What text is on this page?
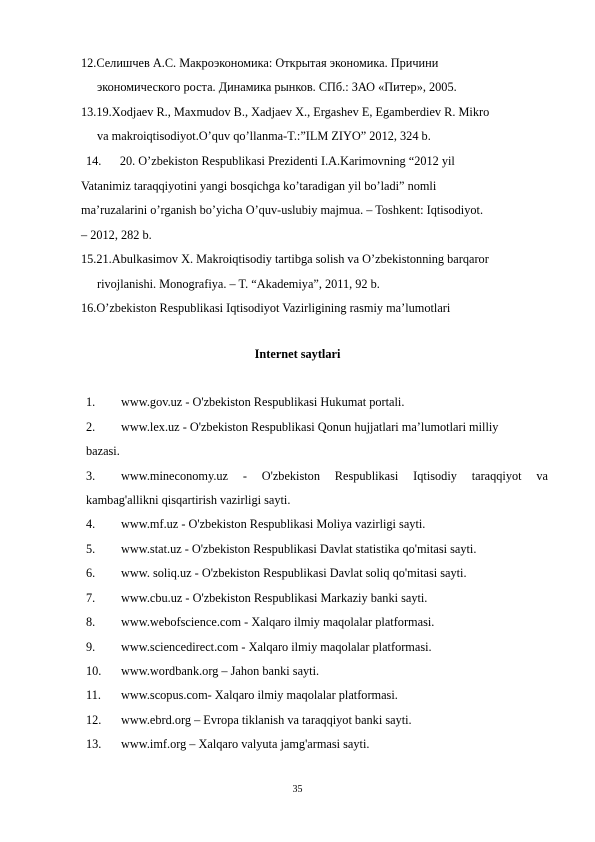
12.Селишчев А.С. Макроэкономика: Открытая экономика. Причини
экономического роста. Динамика рынков. СПб.: ЗАО «Питер», 2005.
13.19.Xodjaev R., Maxmudov B., Xadjaev X., Ergashev E, Egamberdiev R. Mikro
va makroiqtisodiyot.O’quv qo’llanma-T.:”ILM ZIYO” 2012, 324 b.
14.      20. O’zbekiston Respublikasi Prezidenti I.A.Karimovning “2012 yil
Vatanimiz taraqqiyotini yangi bosqichga ko’taradigan yil bo’ladi” nomli
ma’ruzalarini o’rganish bo’yicha O’quv-uslubiy majmua. – Toshkent: Iqtisodiyot.
– 2012, 282 b.
15.21.Abulkasimov X. Makroiqtisodiy tartibga solish va O’zbekistonning barqaror
rivojlanishi. Monografiya. – T. “Akademiya”, 2011, 92 b.
16.O’zbekiston Respublikasi Iqtisodiyot Vazirligining rasmiy ma’lumotlari
Internet saytlari
1. www.gov.uz - O'zbekiston Respublikasi Hukumat portali.
2. www.lex.uz - O'zbekiston Respublikasi Qonun hujjatlari ma’lumotlari milliy
bazasi.
3. www.mineconomy.uz - O'zbekiston Respublikasi Iqtisodiy taraqqiyot va
kambag'allikni qisqartirish vazirligi sayti.
4. www.mf.uz - O'zbekiston Respublikasi Moliya vazirligi sayti.
5. www.stat.uz - O'zbekiston Respublikasi Davlat statistika qo'mitasi sayti.
6. www. soliq.uz - O'zbekiston Respublikasi Davlat soliq qo'mitasi sayti.
7. www.cbu.uz - O'zbekiston Respublikasi Markaziy banki sayti.
8. www.webofscience.com - Xalqaro ilmiy maqolalar platformasi.
9. www.sciencedirect.com - Xalqaro ilmiy maqolalar platformasi.
10. www.wordbank.org – Jahon banki sayti.
11. www.scopus.com- Xalqaro ilmiy maqolalar platformasi.
12. www.ebrd.org – Evropa tiklanish va taraqqiyot banki sayti.
13. www.imf.org – Xalqaro valyuta jamg'armasi sayti.
35
